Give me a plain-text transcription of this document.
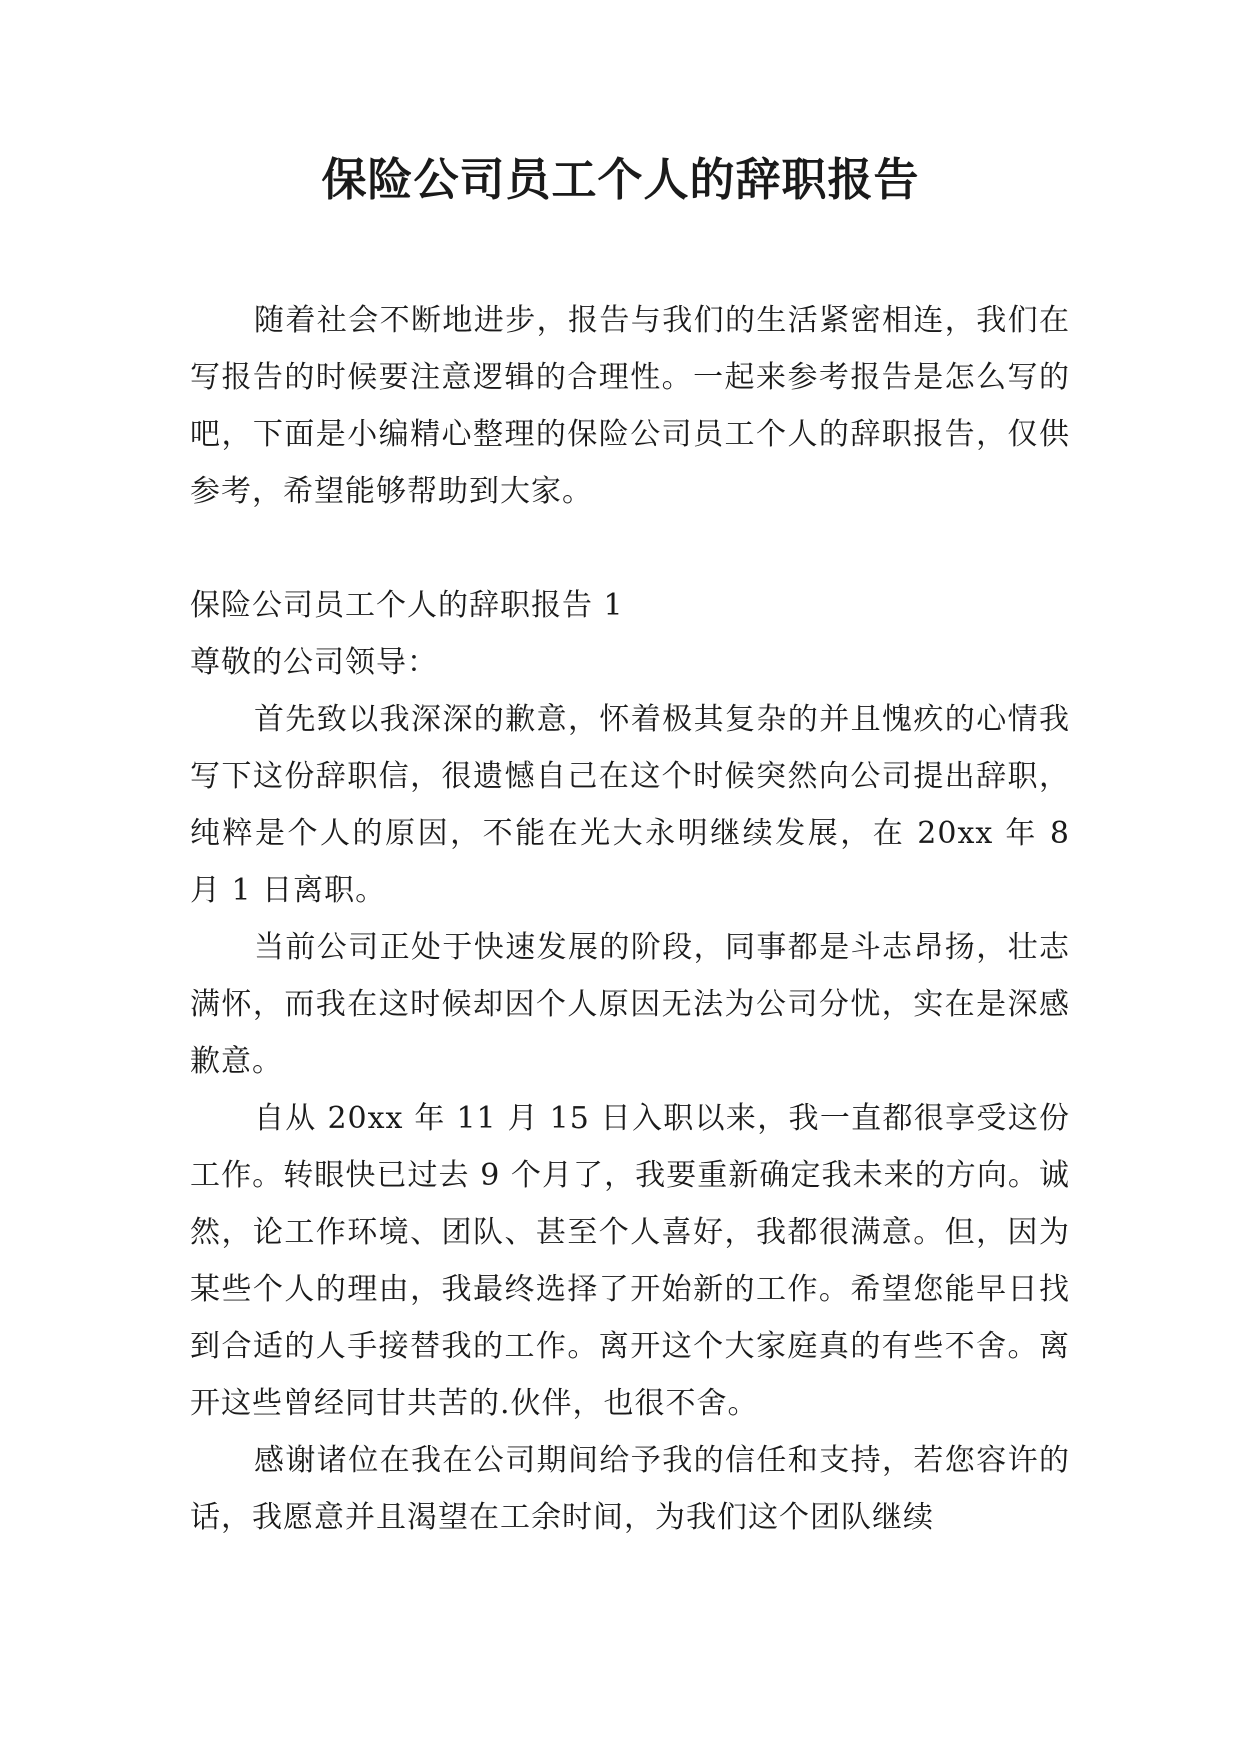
保险公司员工个人的辞职报告

随着社会不断地进步，报告与我们的生活紧密相连，我们在写报告的时候要注意逻辑的合理性。一起来参考报告是怎么写的吧，下面是小编精心整理的保险公司员工个人的辞职报告，仅供参考，希望能够帮助到大家。

保险公司员工个人的辞职报告 1

尊敬的公司领导：

首先致以我深深的歉意，怀着极其复杂的并且愧疚的心情我写下这份辞职信，很遗憾自己在这个时候突然向公司提出辞职，纯粹是个人的原因，不能在光大永明继续发展，在 20xx 年 8 月 1 日离职。

当前公司正处于快速发展的阶段，同事都是斗志昂扬，壮志满怀，而我在这时候却因个人原因无法为公司分忧，实在是深感歉意。

自从 20xx 年 11 月 15 日入职以来，我一直都很享受这份工作。转眼快已过去 9 个月了，我要重新确定我未来的方向。诚然，论工作环境、团队、甚至个人喜好，我都很满意。但，因为某些个人的理由，我最终选择了开始新的工作。希望您能早日找到合适的人手接替我的工作。离开这个大家庭真的有些不舍。离开这些曾经同甘共苦的.伙伴，也很不舍。

感谢诸位在我在公司期间给予我的信任和支持，若您容许的话，我愿意并且渴望在工余时间，为我们这个团队继续
